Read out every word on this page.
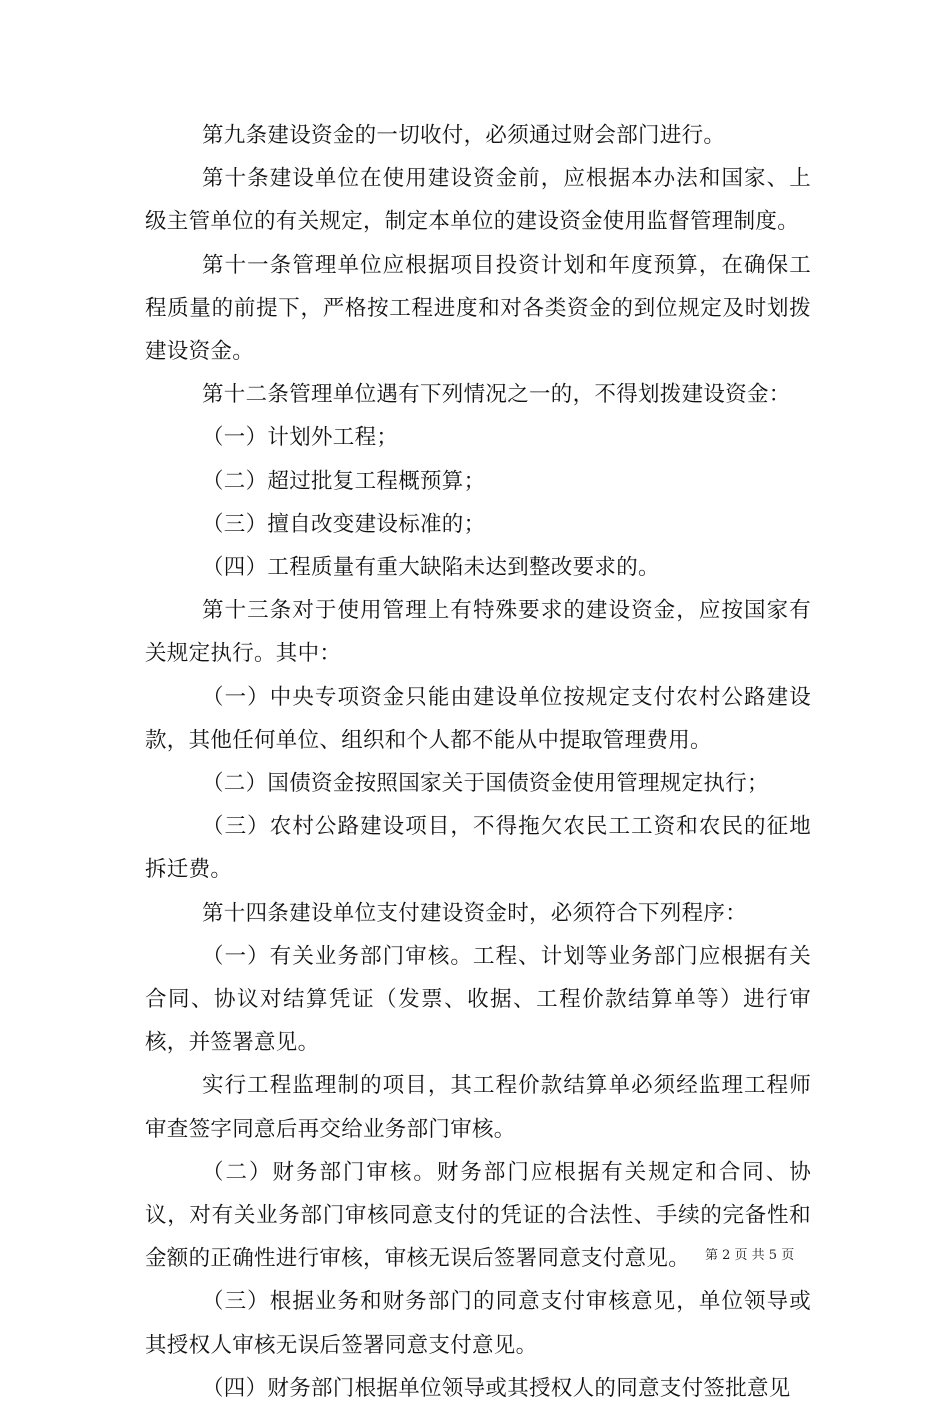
第九条建设资金的一切收付，必须通过财会部门进行。

第十条建设单位在使用建设资金前，应根据本办法和国家、上级主管单位的有关规定，制定本单位的建设资金使用监督管理制度。

第十一条管理单位应根据项目投资计划和年度预算，在确保工程质量的前提下，严格按工程进度和对各类资金的到位规定及时划拨建设资金。

第十二条管理单位遇有下列情况之一的，不得划拨建设资金：

（一）计划外工程；

（二）超过批复工程概预算；

（三）擅自改变建设标准的；

（四）工程质量有重大缺陷未达到整改要求的。

第十三条对于使用管理上有特殊要求的建设资金，应按国家有关规定执行。其中：

（一）中央专项资金只能由建设单位按规定支付农村公路建设款，其他任何单位、组织和个人都不能从中提取管理费用。

（二）国债资金按照国家关于国债资金使用管理规定执行；

（三）农村公路建设项目，不得拖欠农民工工资和农民的征地拆迁费。

第十四条建设单位支付建设资金时，必须符合下列程序：

（一）有关业务部门审核。工程、计划等业务部门应根据有关合同、协议对结算凭证（发票、收据、工程价款结算单等）进行审核，并签署意见。

实行工程监理制的项目，其工程价款结算单必须经监理工程师审查签字同意后再交给业务部门审核。

（二）财务部门审核。财务部门应根据有关规定和合同、协议，对有关业务部门审核同意支付的凭证的合法性、手续的完备性和金额的正确性进行审核，审核无误后签署同意支付意见。

（三）根据业务和财务部门的同意支付审核意见，单位领导或其授权人审核无误后签署同意支付意见。

（四）财务部门根据单位领导或其授权人的同意支付签批意见

第 2 页 共 5 页
